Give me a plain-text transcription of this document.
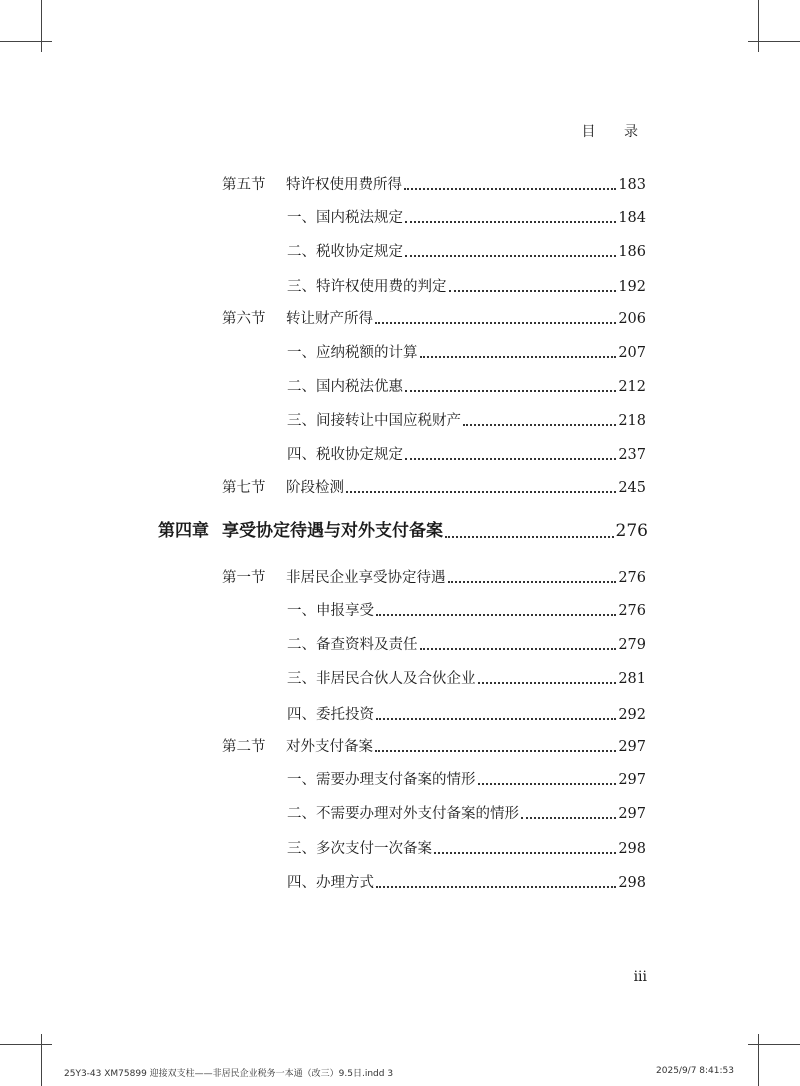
目 录
第五节	特许权使用费所得	183
一、国内税法规定	184
二、税收协定规定	186
三、特许权使用费的判定	192
第六节	转让财产所得	206
一、应纳税额的计算	207
二、国内税法优惠	212
三、间接转让中国应税财产	218
四、税收协定规定	237
第七节	阶段检测	245
第四章 享受协定待遇与对外支付备案	276
第一节	非居民企业享受协定待遇	276
一、申报享受	276
二、备查资料及责任	279
三、非居民合伙人及合伙企业	281
四、委托投资	292
第二节	对外支付备案	297
一、需要办理支付备案的情形	297
二、不需要办理对外支付备案的情形	297
三、多次支付一次备案	298
四、办理方式	298
iii
25Y3-43 XM75899 迎接双支柱——非居民企业税务一本通（改三）9.5日.indd 3	2025/9/7 8:41:53
